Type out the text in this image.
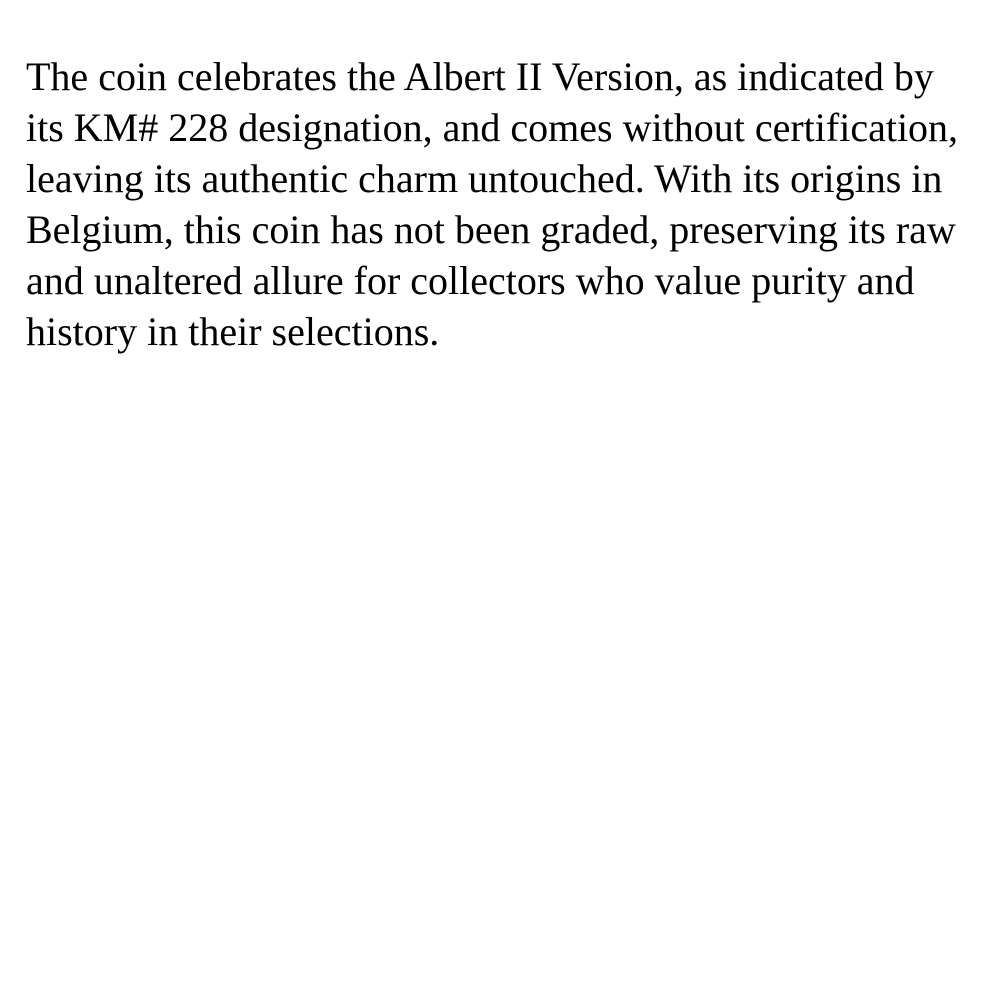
The coin celebrates the Albert II Version, as indicated by its KM# 228 designation, and comes without certification, leaving its authentic charm untouched. With its origins in Belgium, this coin has not been graded, preserving its raw and unaltered allure for collectors who value purity and history in their selections.
